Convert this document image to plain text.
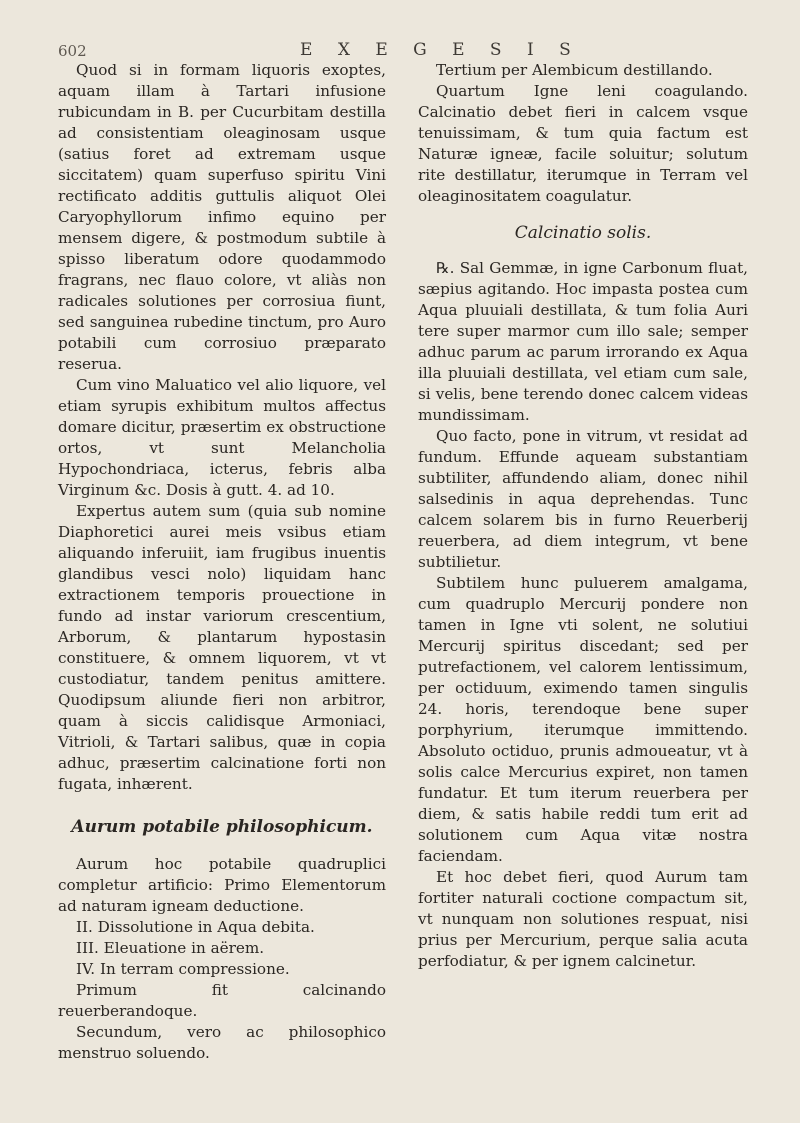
602	E X E G E S I S

Quod si in formam liquoris exoptes, aquam illam à Tartari infusione rubicundam in B. per Cucurbitam destilla ad consistentiam oleaginosam usque (satius foret ad extremam usque siccitatem) quam superfuso spiritu Vini rectificato additis guttulis aliquot Olei Caryophyllorum infimo equino per mensem digere, & postmodum subtile à spisso liberatum odore quodammodo fragrans, nec flauo colore, vt aliàs non radicales solutiones per corrosiua fiunt, sed sanguinea rubedine tinctum, pro Auro potabili cum corrosiuo præparato reserua.

Cum vino Maluatico vel alio liquore, vel etiam syrupis exhibitum multos affectus domare dicitur, præsertim ex obstructione ortos, vt sunt Melancholia Hypochondriaca, icterus, febris alba Virginum &c. Dosis à gutt. 4. ad 10.

Expertus autem sum (quia sub nomine Diaphoretici aurei meis vsibus etiam aliquando inferuiit, iam frugibus inuentis glandibus vesci nolo) liquidam hanc extractionem temporis prouectione in fundo ad instar variorum crescentium, Arborum, & plantarum hypostasin constituere, & omnem liquorem, vt vt custodiatur, tandem penitus amittere. Quodipsum aliunde fieri non arbitror, quam à siccis calidisque Armoniaci, Vitrioli, & Tartari salibus, quæ in copia adhuc, præsertim calcinatione forti non fugata, inhærent.

Aurum potabile philosophicum.

Aurum hoc potabile quadruplici completur artificio: Primo Elementorum ad naturam igneam deductione.

II. Dissolutione in Aqua debita.

III. Eleuatione in aërem.

IV. In terram compressione.

Primum fit calcinando reuerberandoque.

Secundum, vero ac philosophico menstruo soluendo.

Tertium per Alembicum destillando.

Quartum Igne leni coagulando. Calcinatio debet fieri in calcem vsque tenuissimam, & tum quia factum est Naturæ igneæ, facile soluitur; solutum rite destillatur, iterumque in Terram vel oleaginositatem coagulatur.

Calcinatio solis.

℞. Sal Gemmæ, in igne Carbonum fluat, sæpius agitando. Hoc impasta postea cum Aqua pluuiali destillata, & tum folia Auri tere super marmor cum illo sale; semper adhuc parum ac parum irrorando ex Aqua illa pluuiali destillata, vel etiam cum sale, si velis, bene terendo donec calcem videas mundissimam.

Quo facto, pone in vitrum, vt residat ad fundum. Effunde aqueam substantiam subtiliter, affundendo aliam, donec nihil salsedinis in aqua deprehendas. Tunc calcem solarem bis in furno Reuerberij reuerbera, ad diem integrum, vt bene subtilietur.

Subtilem hunc puluerem amalgama, cum quadruplo Mercurij pondere non tamen in Igne vti solent, ne solutiui Mercurij spiritus discedant; sed per putrefactionem, vel calorem lentissimum, per octiduum, eximendo tamen singulis 24. horis, terendoque bene super porphyrium, iterumque immittendo. Absoluto octiduo, prunis admoueatur, vt à solis calce Mercurius expiret, non tamen fundatur. Et tum iterum reuerbera per diem, & satis habile reddi tum erit ad solutionem cum Aqua vitæ nostra faciendam.

Et hoc debet fieri, quod Aurum tam fortiter naturali coctione compactum sit, vt nunquam non solutiones respuat, nisi prius per Mercurium, perque salia acuta perfodiatur, & per ignem calcinetur.
